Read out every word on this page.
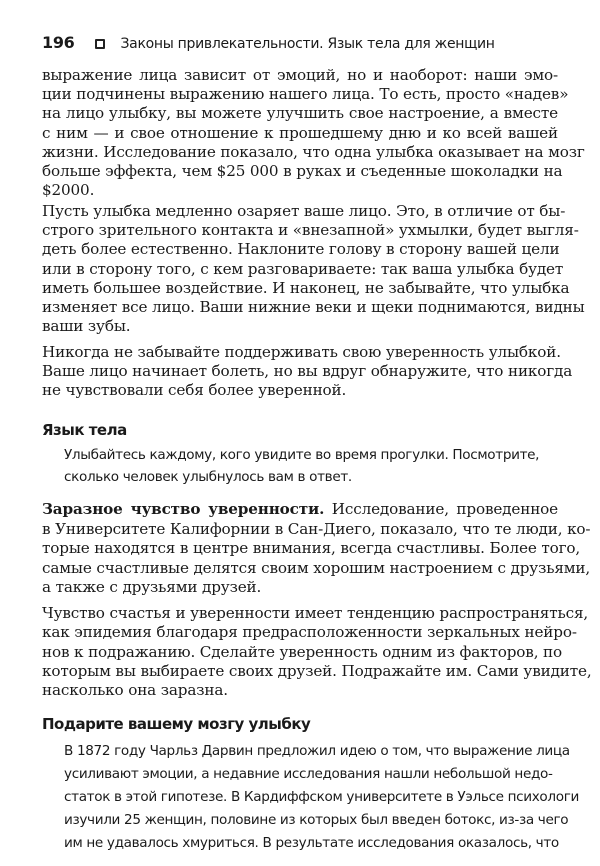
196	Законы привлекательности. Язык тела для женщин
выражение лица зависит от эмоций, но и наоборот: наши эмо-
ции подчинены выражению нашего лица. То есть, просто «надев»
на лицо улыбку, вы можете улучшить свое настроение, а вместе
с ним — и свое отношение к прошедшему дню и ко всей вашей
жизни. Исследование показало, что одна улыбка оказывает на мозг
больше эффекта, чем $25 000 в руках и съеденные шоколадки на
$2000.
Пусть улыбка медленно озаряет ваше лицо. Это, в отличие от бы-
строго зрительного контакта и «внезапной» ухмылки, будет выгля-
деть более естественно. Наклоните голову в сторону вашей цели
или в сторону того, с кем разговариваете: так ваша улыбка будет
иметь большее воздействие. И наконец, не забывайте, что улыбка
изменяет все лицо. Ваши нижние веки и щеки поднимаются, видны
ваши зубы.
Никогда не забывайте поддерживать свою уверенность улыбкой.
Ваше лицо начинает болеть, но вы вдруг обнаружите, что никогда
не чувствовали себя более уверенной.
Язык тела
Улыбайтесь каждому, кого увидите во время прогулки. Посмотрите,
сколько человек улыбнулось вам в ответ.
Заразное чувство уверенности. Исследование, проведенное
в Университете Калифорнии в Сан-Диего, показало, что те люди, ко-
торые находятся в центре внимания, всегда счастливы. Более того,
самые счастливые делятся своим хорошим настроением с друзьями,
а также с друзьями друзей.
Чувство счастья и уверенности имеет тенденцию распространяться,
как эпидемия благодаря предрасположенности зеркальных нейро-
нов к подражанию. Сделайте уверенность одним из факторов, по
которым вы выбираете своих друзей. Подражайте им. Сами увидите,
насколько она заразна.
Подарите вашему мозгу улыбку
В 1872 году Чарльз Дарвин предложил идею о том, что выражение лица
усиливают эмоции, а недавние исследования нашли небольшой недо-
статок в этой гипотезе. В Кардиффском университете в Уэльсе психологи
изучили 25 женщин, половине из которых был введен ботокс, из-за чего
им не удавалось хмуриться. В результате исследования оказалось, что
